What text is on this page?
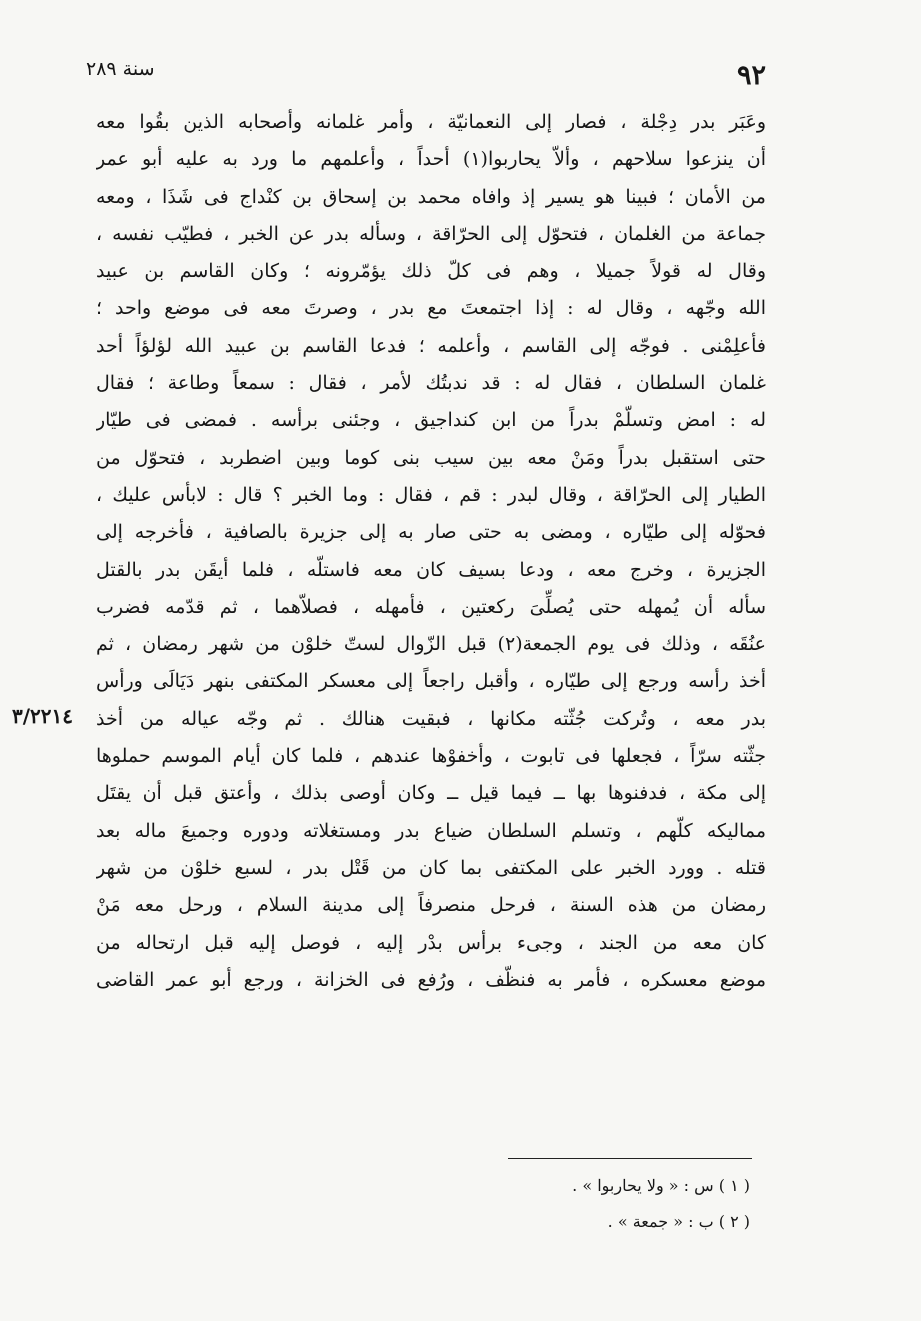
٩٢
سنة ٢٨٩
وعَبَر بدر دِجْلة ، فصار إلى النعمانيّة ، وأمر غلمانه وأصحابه الذين بقُوا معه
أن ينزعوا سلاحهم ، وألاّ يحاربوا(١) أحداً ، وأعلمهم ما ورد به عليه أبو عمر
من الأمان ؛ فبينا هو يسير إذ وافاه محمد بن إسحاق بن كنْداج فى شَذَا ، ومعه
جماعة من الغلمان ، فتحوّل إلى الحرّاقة ، وسأله بدر عن الخبر ، فطيّب نفسه ،
وقال له قولاً جميلا ، وهم فى كلّ ذلك يؤمّرونه ؛ وكان القاسم بن عبيد
الله وجّهه ، وقال له : إذا اجتمعتَ مع بدر ، وصرتَ معه فى موضع واحد ؛
فأعلِمْنى . فوجّه إلى القاسم ، وأعلمه ؛ فدعا القاسم بن عبيد الله لؤلؤاً أحد
غلمان السلطان ، فقال له : قد ندبتُك لأمر ، فقال : سمعاً وطاعة ؛ فقال
له : امض وتسلّمْ بدراً من ابن كنداجيق ، وجئنى برأسه . فمضى فى طيّار
حتى استقبل بدراً ومَنْ معه بين سيب بنى كوما وبين اضطربد ، فتحوّل من
الطيار إلى الحرّاقة ، وقال لبدر : قم ، فقال : وما الخبر ؟ قال : لابأس عليك ،
فحوّله إلى طيّاره ، ومضى به حتى صار به إلى جزيرة بالصافية ، فأخرجه إلى
الجزيرة ، وخرج معه ، ودعا بسيف كان معه فاستلّه ، فلما أيقَن بدر بالقتل
سأله أن يُمهله حتى يُصلِّىَ ركعتين ، فأمهله ، فصلاّهما ، ثم قدّمه فضرب
عنُقَه ، وذلك فى يوم الجمعة(٢) قبل الزّوال لستّ خلوْن من شهر رمضان ، ثم
أخذ رأسه ورجع إلى طيّاره ، وأقبل راجعاً إلى معسكر المكتفى بنهر دَيَالَى ورأس
بدر معه ، وتُركت جُثّته مكانها ، فبقيت هنالك . ثم وجّه عياله من أخذ
جثّته سرّاً ، فجعلها فى تابوت ، وأخفوْها عندهم ، فلما كان أيام الموسم حملوها
إلى مكة ، فدفنوها بها ــ فيما قيل ــ وكان أوصى بذلك ، وأعتق قبل أن يقتَل
مماليكه كلّهم ، وتسلم السلطان ضياع بدر ومستغلاته ودوره وجميعَ ماله بعد
قتله . وورد الخبر على المكتفى بما كان من قَتْل بدر ، لسبع خلوْن من شهر
رمضان من هذه السنة ، فرحل منصرفاً إلى مدينة السلام ، ورحل معه مَنْ
كان معه من الجند ، وجىء برأس بدْر إليه ، فوصل إليه قبل ارتحاله من
موضع معسكره ، فأمر به فنظّف ، ورُفع فى الخزانة ، ورجع أبو عمر القاضى
٣/٢٢١٤
( ١ ) س : « ولا يحاربوا » .
( ٢ ) ب : « جمعة » .
